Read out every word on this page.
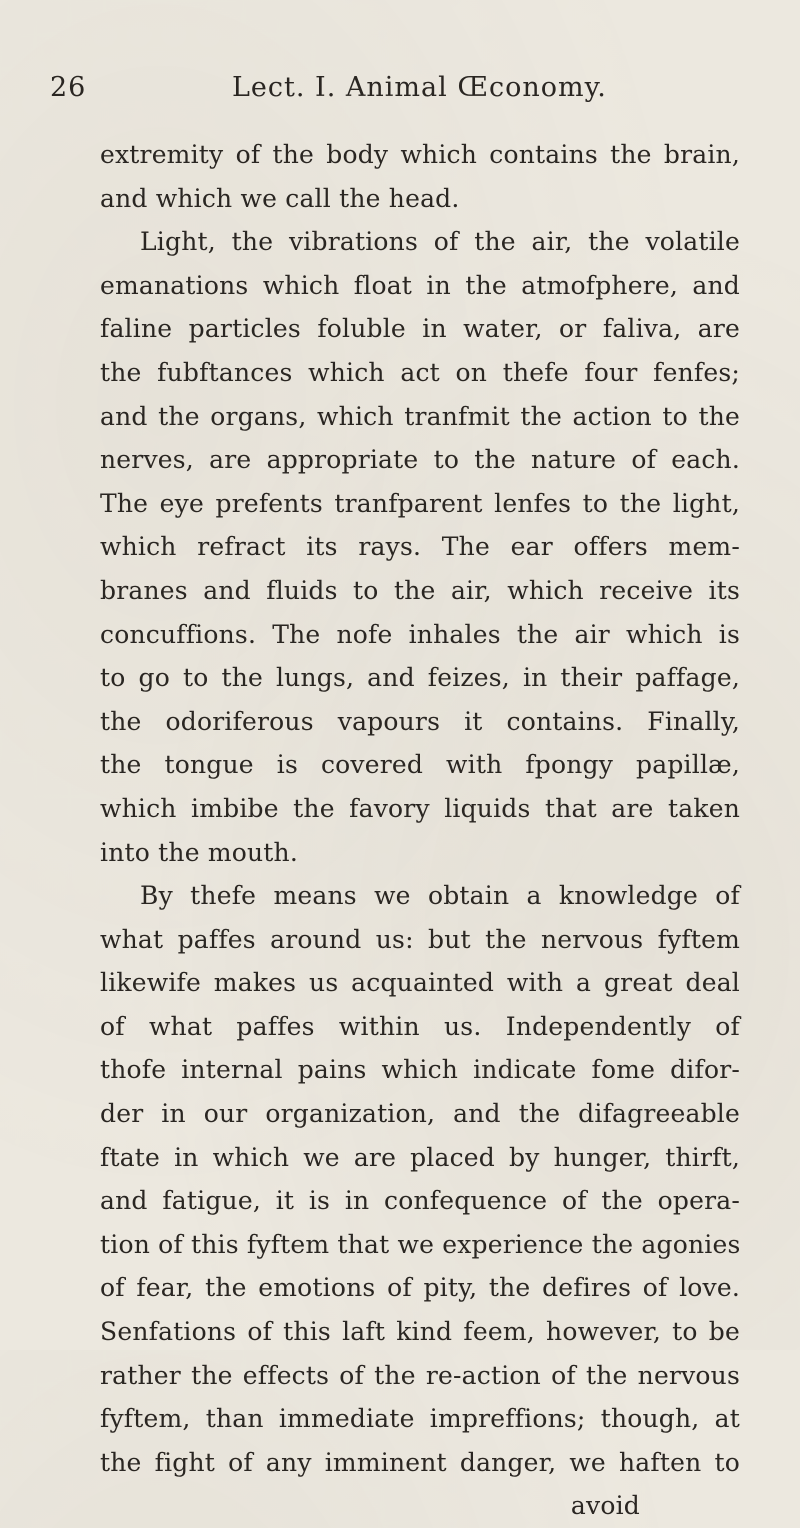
26	Lect. I. Animal Œconomy.
extremity of the body which contains the brain,
and which we call the head.
Light, the vibrations of the air, the volatile
emanations which float in the atmofphere, and
faline particles foluble in water, or faliva, are
the fubftances which act on thefe four fenfes;
and the organs, which tranfmit the action to the
nerves, are appropriate to the nature of each.
The eye prefents tranfparent lenfes to the light,
which refract its rays. The ear offers mem-
branes and fluids to the air, which receive its
concuffions. The nofe inhales the air which is
to go to the lungs, and feizes, in their paffage,
the odoriferous vapours it contains. Finally,
the tongue is covered with fpongy papillæ,
which imbibe the favory liquids that are taken
into the mouth.
By thefe means we obtain a knowledge of
what paffes around us: but the nervous fyftem
likewife makes us acquainted with a great deal
of what paffes within us. Independently of
thofe internal pains which indicate fome difor-
der in our organization, and the difagreeable
ftate in which we are placed by hunger, thirft,
and fatigue, it is in confequence of the opera-
tion of this fyftem that we experience the agonies
of fear, the emotions of pity, the defires of love.
Senfations of this laft kind feem, however, to be
rather the effects of the re-action of the nervous
fyftem, than immediate impreffions; though, at
the fight of any imminent danger, we haften to
avoid
